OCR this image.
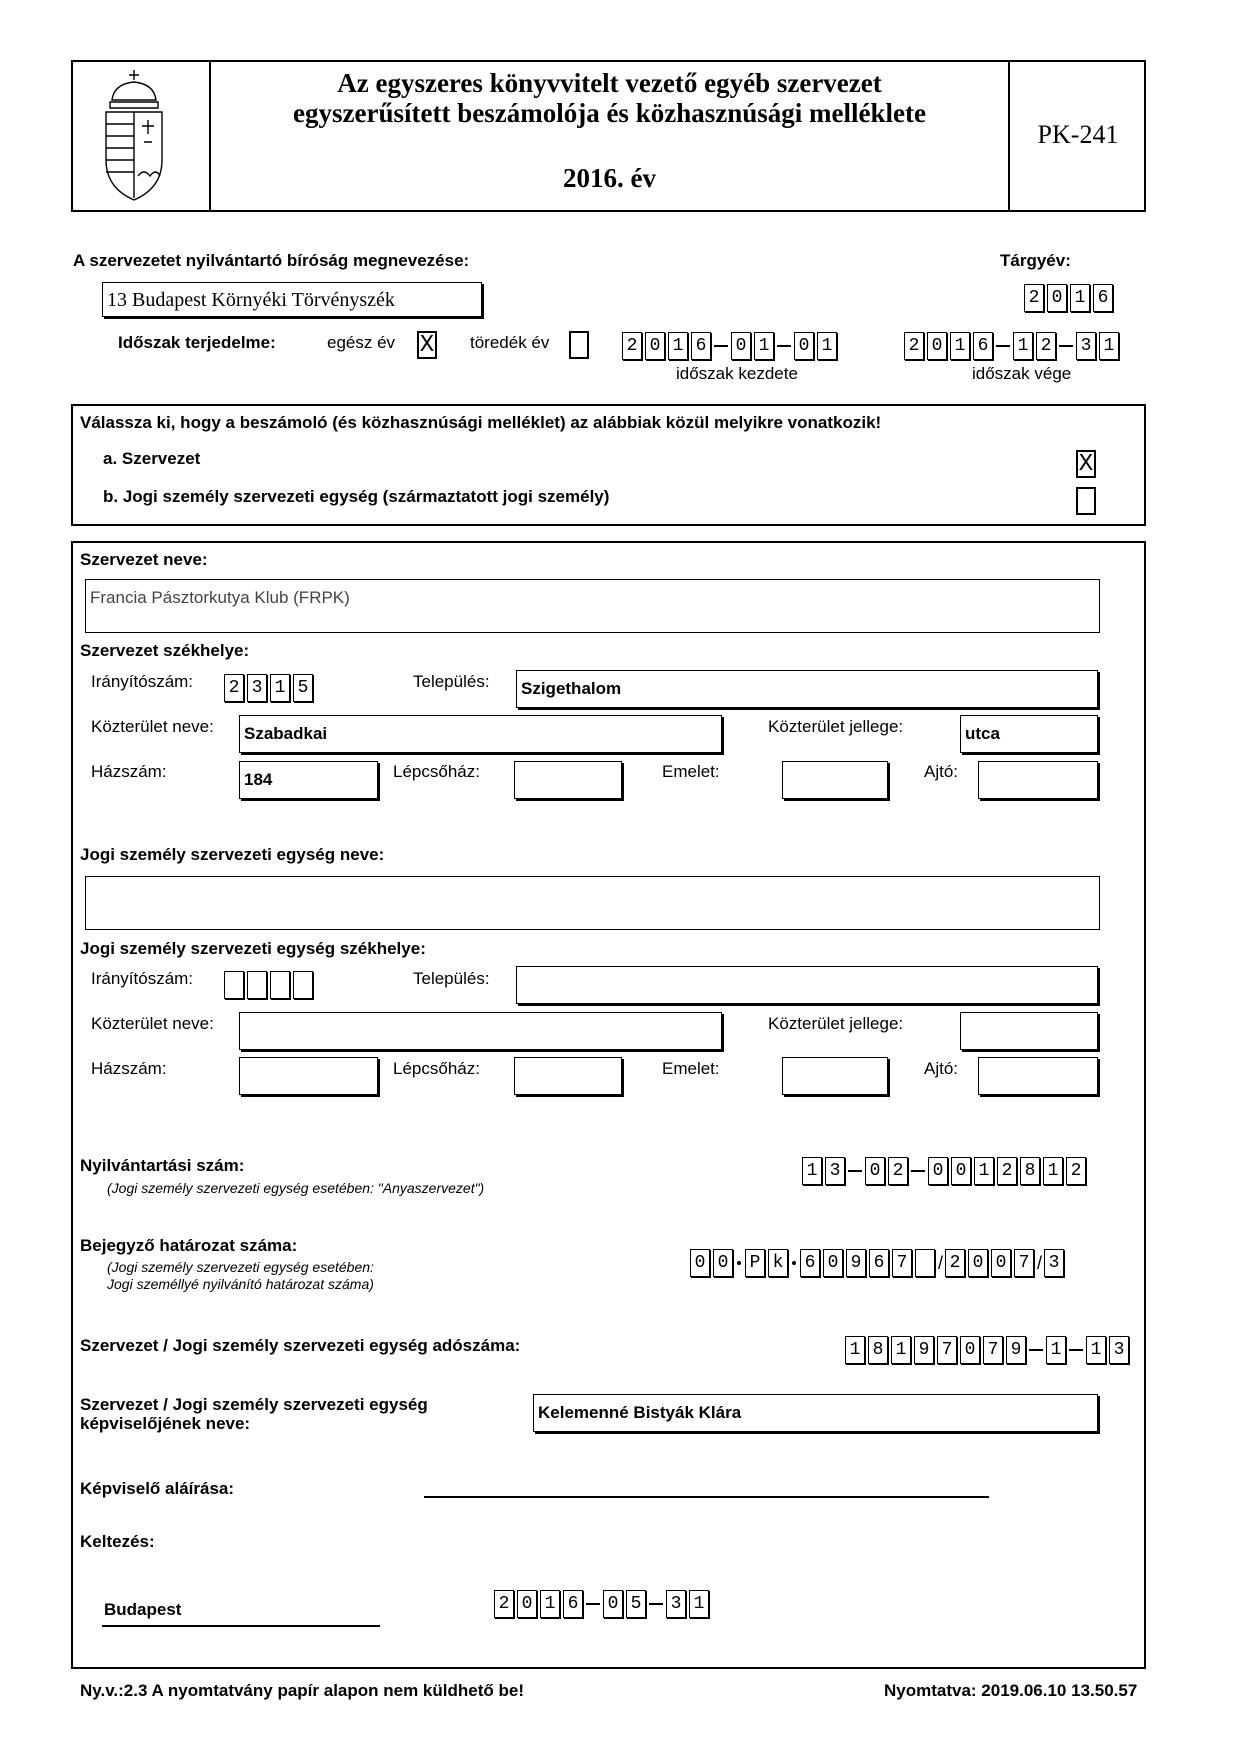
Az egyszeres könyvvitelt vezető egyéb szervezet
egyszerűsített beszámolója és közhasznúsági melléklete
2016. év
PK-241
A szervezetet nyilvántartó bíróság megnevezése:	Tárgyév:
13 Budapest Környéki Törvényszék	2 0 1 6
Időszak terjedelme:	egész év X töredék év	2 0 1 6 0 1 0 1
időszak kezdete
2 0 1 6 1 2 3 1
időszak vége
Válassza ki, hogy a beszámoló (és közhasznúsági melléklet) az alábbiak közül melyikre vonatkozik!
a. Szervezet	X
b. Jogi személy szervezeti egység (származtatott jogi személy)
Szervezet neve:
Francia Pásztorkutya Klub (FRPK)
Szervezet székhelye:
Irányítószám: 2 3 1 5	Település: Szigethalom
Közterület neve: Szabadkai	Közterület jellege:	utca
Házszám:	184	Lépcsőház:	Emelet:	Ajtó:
Jogi személy szervezeti egység neve:
Jogi személy szervezeti egység székhelye:
Irányítószám:	Település:
Közterület neve:	Közterület jellege:
Házszám:	Lépcsőház:	Emelet:	Ajtó:
Nyilvántartási szám:
(Jogi személy szervezeti egység esetében: "Anyaszervezet")
1 3 0 2 0 0 1 2 8 1 2
Bejegyző határozat száma:
(Jogi személy szervezeti egység esetében:
Jogi személlyé nyilvánító határozat száma)
0 0 P k 6 0 9 6 7 / 2 0 0 7 / 3
Szervezet / Jogi személy szervezeti egység adószáma:	1 8 1 9 7 0 7 9 1 1 3
Szervezet / Jogi személy szervezeti egység
képviselőjének neve:
Kelemenné Bistyák Klára
Képviselő aláírása:
Keltezés:
Budapest	2 0 1 6 0 5 3 1
Ny.v.:2.3 A nyomtatvány papír alapon nem küldhető be!	Nyomtatva: 2019.06.10 13.50.57
